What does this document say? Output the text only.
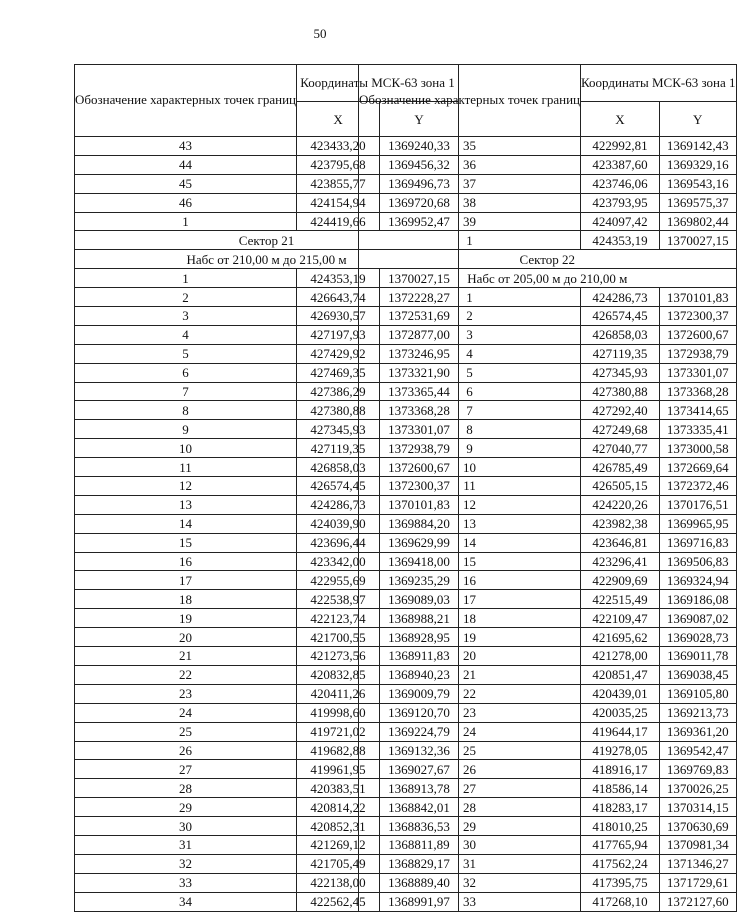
50
Обозначение характерных точек границ	Координаты МСК-63 зона 1	
	X	Y
43	423433,20	1369240,33
44	423795,68	1369456,32
45	423855,77	1369496,73
46	424154,94	1369720,68
1	424419,66	1369952,47
Сектор 21		
Набс от 210,00 м до 215,00 м		
1	424353,19	1370027,15
2	426643,74	1372228,27
3	426930,57	1372531,69
4	427197,93	1372877,00
5	427429,92	1373246,95
6	427469,35	1373321,90
7	427386,29	1373365,44
8	427380,88	1373368,28
9	427345,93	1373301,07
10	427119,35	1372938,79
11	426858,03	1372600,67
12	426574,45	1372300,37
13	424286,73	1370101,83
14	424039,90	1369884,20
15	423696,44	1369629,99
16	423342,00	1369418,00
17	422955,69	1369235,29
18	422538,97	1369089,03
19	422123,74	1368988,21
20	421700,55	1368928,95
21	421273,56	1368911,83
22	420832,85	1368940,23
23	420411,26	1369009,79
24	419998,60	1369120,70
25	419721,02	1369224,79
26	419682,88	1369132,36
27	419961,95	1369027,67
28	420383,51	1368913,78
29	420814,22	1368842,01
30	420852,31	1368836,53
31	421269,12	1368811,89
32	421705,49	1368829,17
33	422138,00	1368889,40
34	422562,45	1368991,97
Обозначение характерных точек границ	Координаты МСК-63 зона 1	
	X	Y
35	422992,81	1369142,43
36	423387,60	1369329,16
37	423746,06	1369543,16
38	423793,95	1369575,37
39	424097,42	1369802,44
1	424353,19	1370027,15
Сектор 22		
Набс от 205,00 м до 210,00 м		
1	424286,73	1370101,83
2	426574,45	1372300,37
3	426858,03	1372600,67
4	427119,35	1372938,79
5	427345,93	1373301,07
6	427380,88	1373368,28
7	427292,40	1373414,65
8	427249,68	1373335,41
9	427040,77	1373000,58
10	426785,49	1372669,64
11	426505,15	1372372,46
12	424220,26	1370176,51
13	423982,38	1369965,95
14	423646,81	1369716,83
15	423296,41	1369506,83
16	422909,69	1369324,94
17	422515,49	1369186,08
18	422109,47	1369087,02
19	421695,62	1369028,73
20	421278,00	1369011,78
21	420851,47	1369038,45
22	420439,01	1369105,80
23	420035,25	1369213,73
24	419644,17	1369361,20
25	419278,05	1369542,47
26	418916,17	1369769,83
27	418586,14	1370026,25
28	418283,17	1370314,15
29	418010,25	1370630,69
30	417765,94	1370981,34
31	417562,24	1371346,27
32	417395,75	1371729,61
33	417268,10	1372127,60
